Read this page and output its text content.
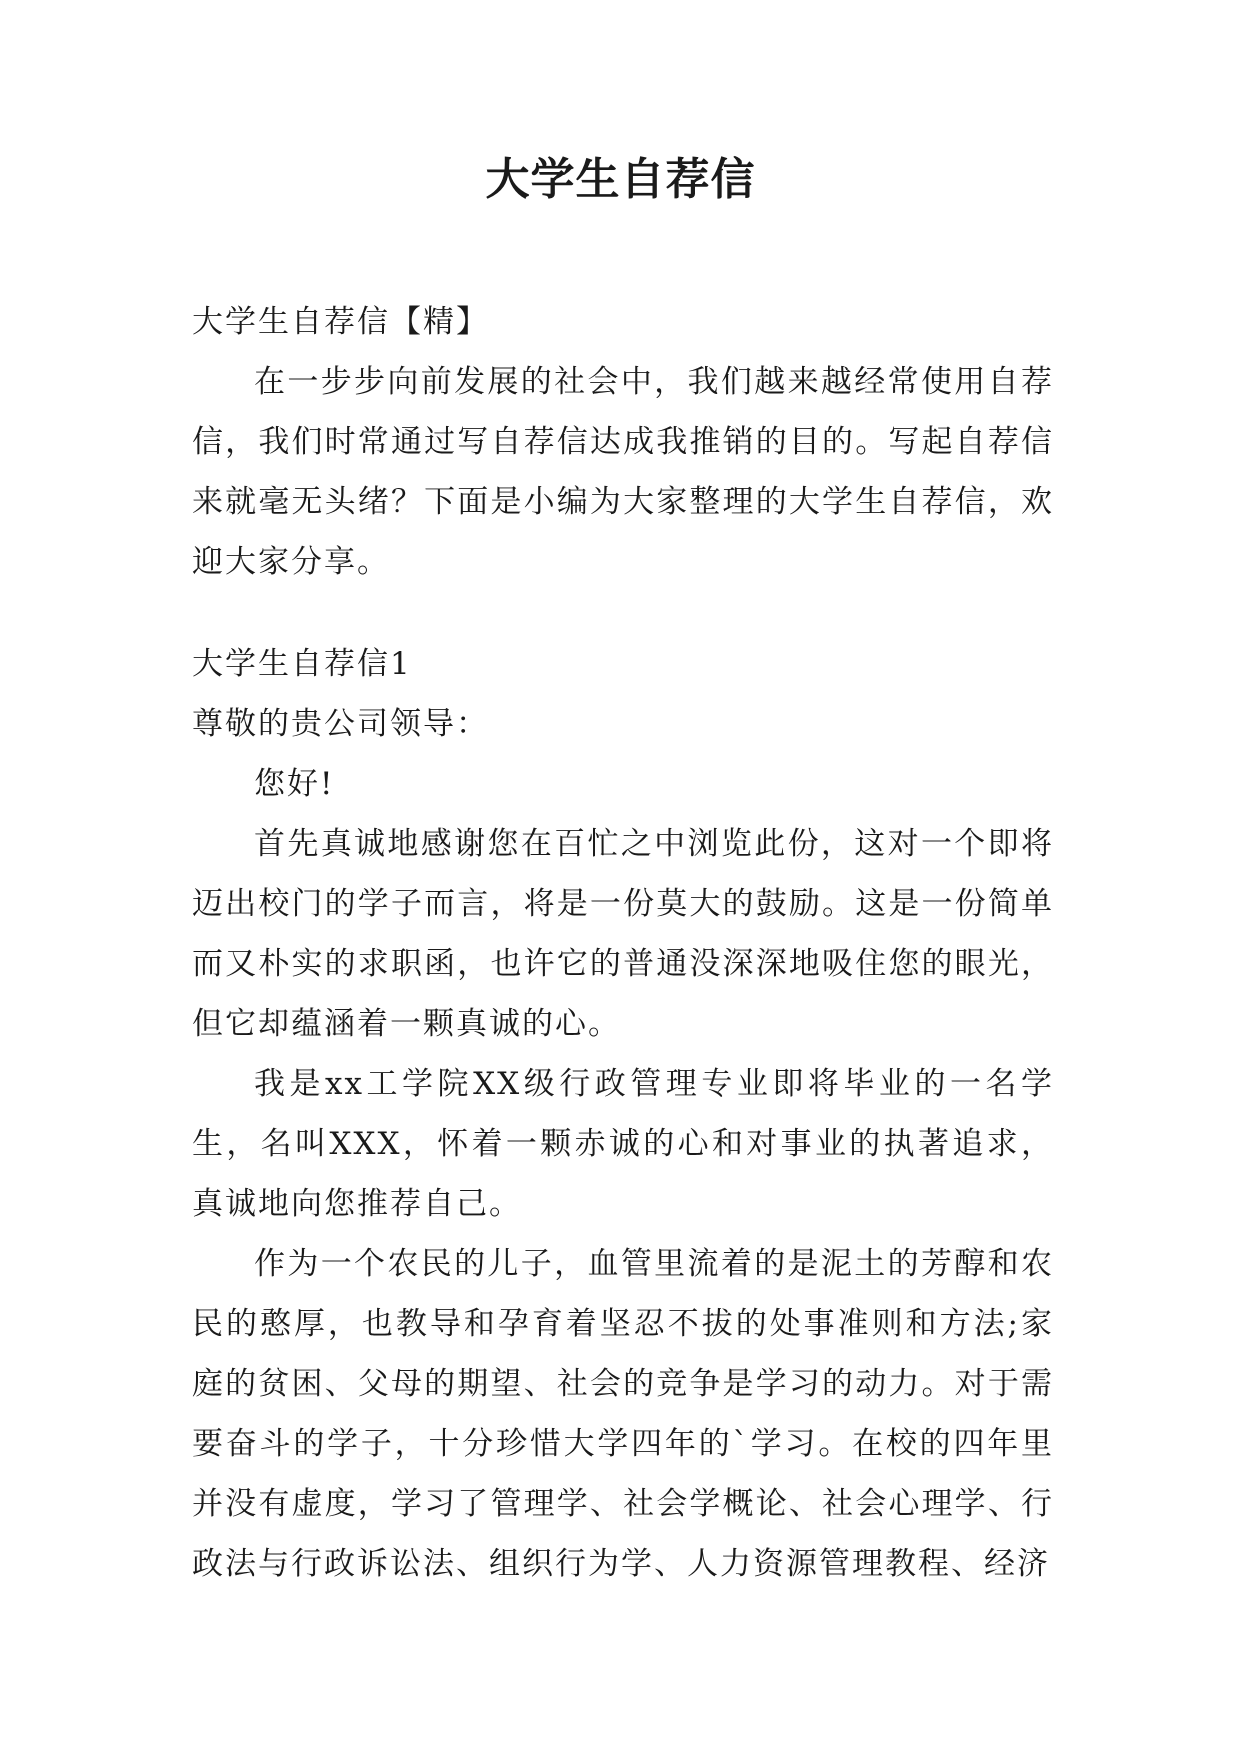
大学生自荐信
大学生自荐信【精】

在一步步向前发展的社会中，我们越来越经常使用自荐信，我们时常通过写自荐信达成我推销的目的。写起自荐信来就毫无头绪？下面是小编为大家整理的大学生自荐信，欢迎大家分享。

大学生自荐信1
尊敬的贵公司领导：
您好!

首先真诚地感谢您在百忙之中浏览此份，这对一个即将迈出校门的学子而言，将是一份莫大的鼓励。这是一份简单而又朴实的求职函，也许它的普通没深深地吸住您的眼光，但它却蕴涵着一颗真诚的心。

我是xx工学院XX级行政管理专业即将毕业的一名学生，名叫XXX，怀着一颗赤诚的心和对事业的执著追求，真诚地向您推荐自己。

作为一个农民的儿子，血管里流着的是泥土的芳醇和农民的憨厚，也教导和孕育着坚忍不拔的处事准则和方法;家庭的贫困、父母的期望、社会的竞争是学习的动力。对于需要奋斗的学子，十分珍惜大学四年的`学习。在校的四年里并没有虚度，学习了管理学、社会学概论、社会心理学、行政法与行政诉讼法、组织行为学、人力资源管理教程、经济
